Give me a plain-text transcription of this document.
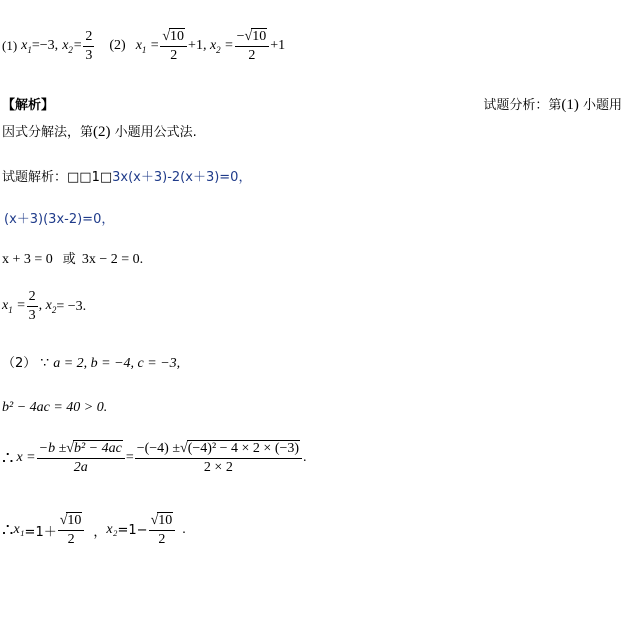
(1) $x_1 =-3$, $x_2= \frac{2}{3} (2) x_1 = \frac{√10}{2} +1$ , $x_2 = \frac{-√10}{2} +1$
【解析】	试题分析：第(1) 小题用
因式分解法，第(2) 小题用公式法.
试题解析：□□1□3x(x＋3)-2(x＋3)=0，
(x＋3)(3x-2)=0，
x + 3 = 0 或 3x − 2 = 0.
$x_1 = \frac{2}{3}$ , $x_2 = -3$.
（2） ∵ a = 2, b = −4, c = −3,
b² − 4ac = 40 > 0.
∴ $x = \frac{\text{−b ±√b² − 4ac}}{2a} = \frac{\text{−(−4) ±√(−4)² − 4 × 2 × (−3)}}{2 \times 2}$ .
∴ $x_1 =1+ \frac{√10}{2}$ ， $x_2 =1- \frac{√10}{2}$ .
